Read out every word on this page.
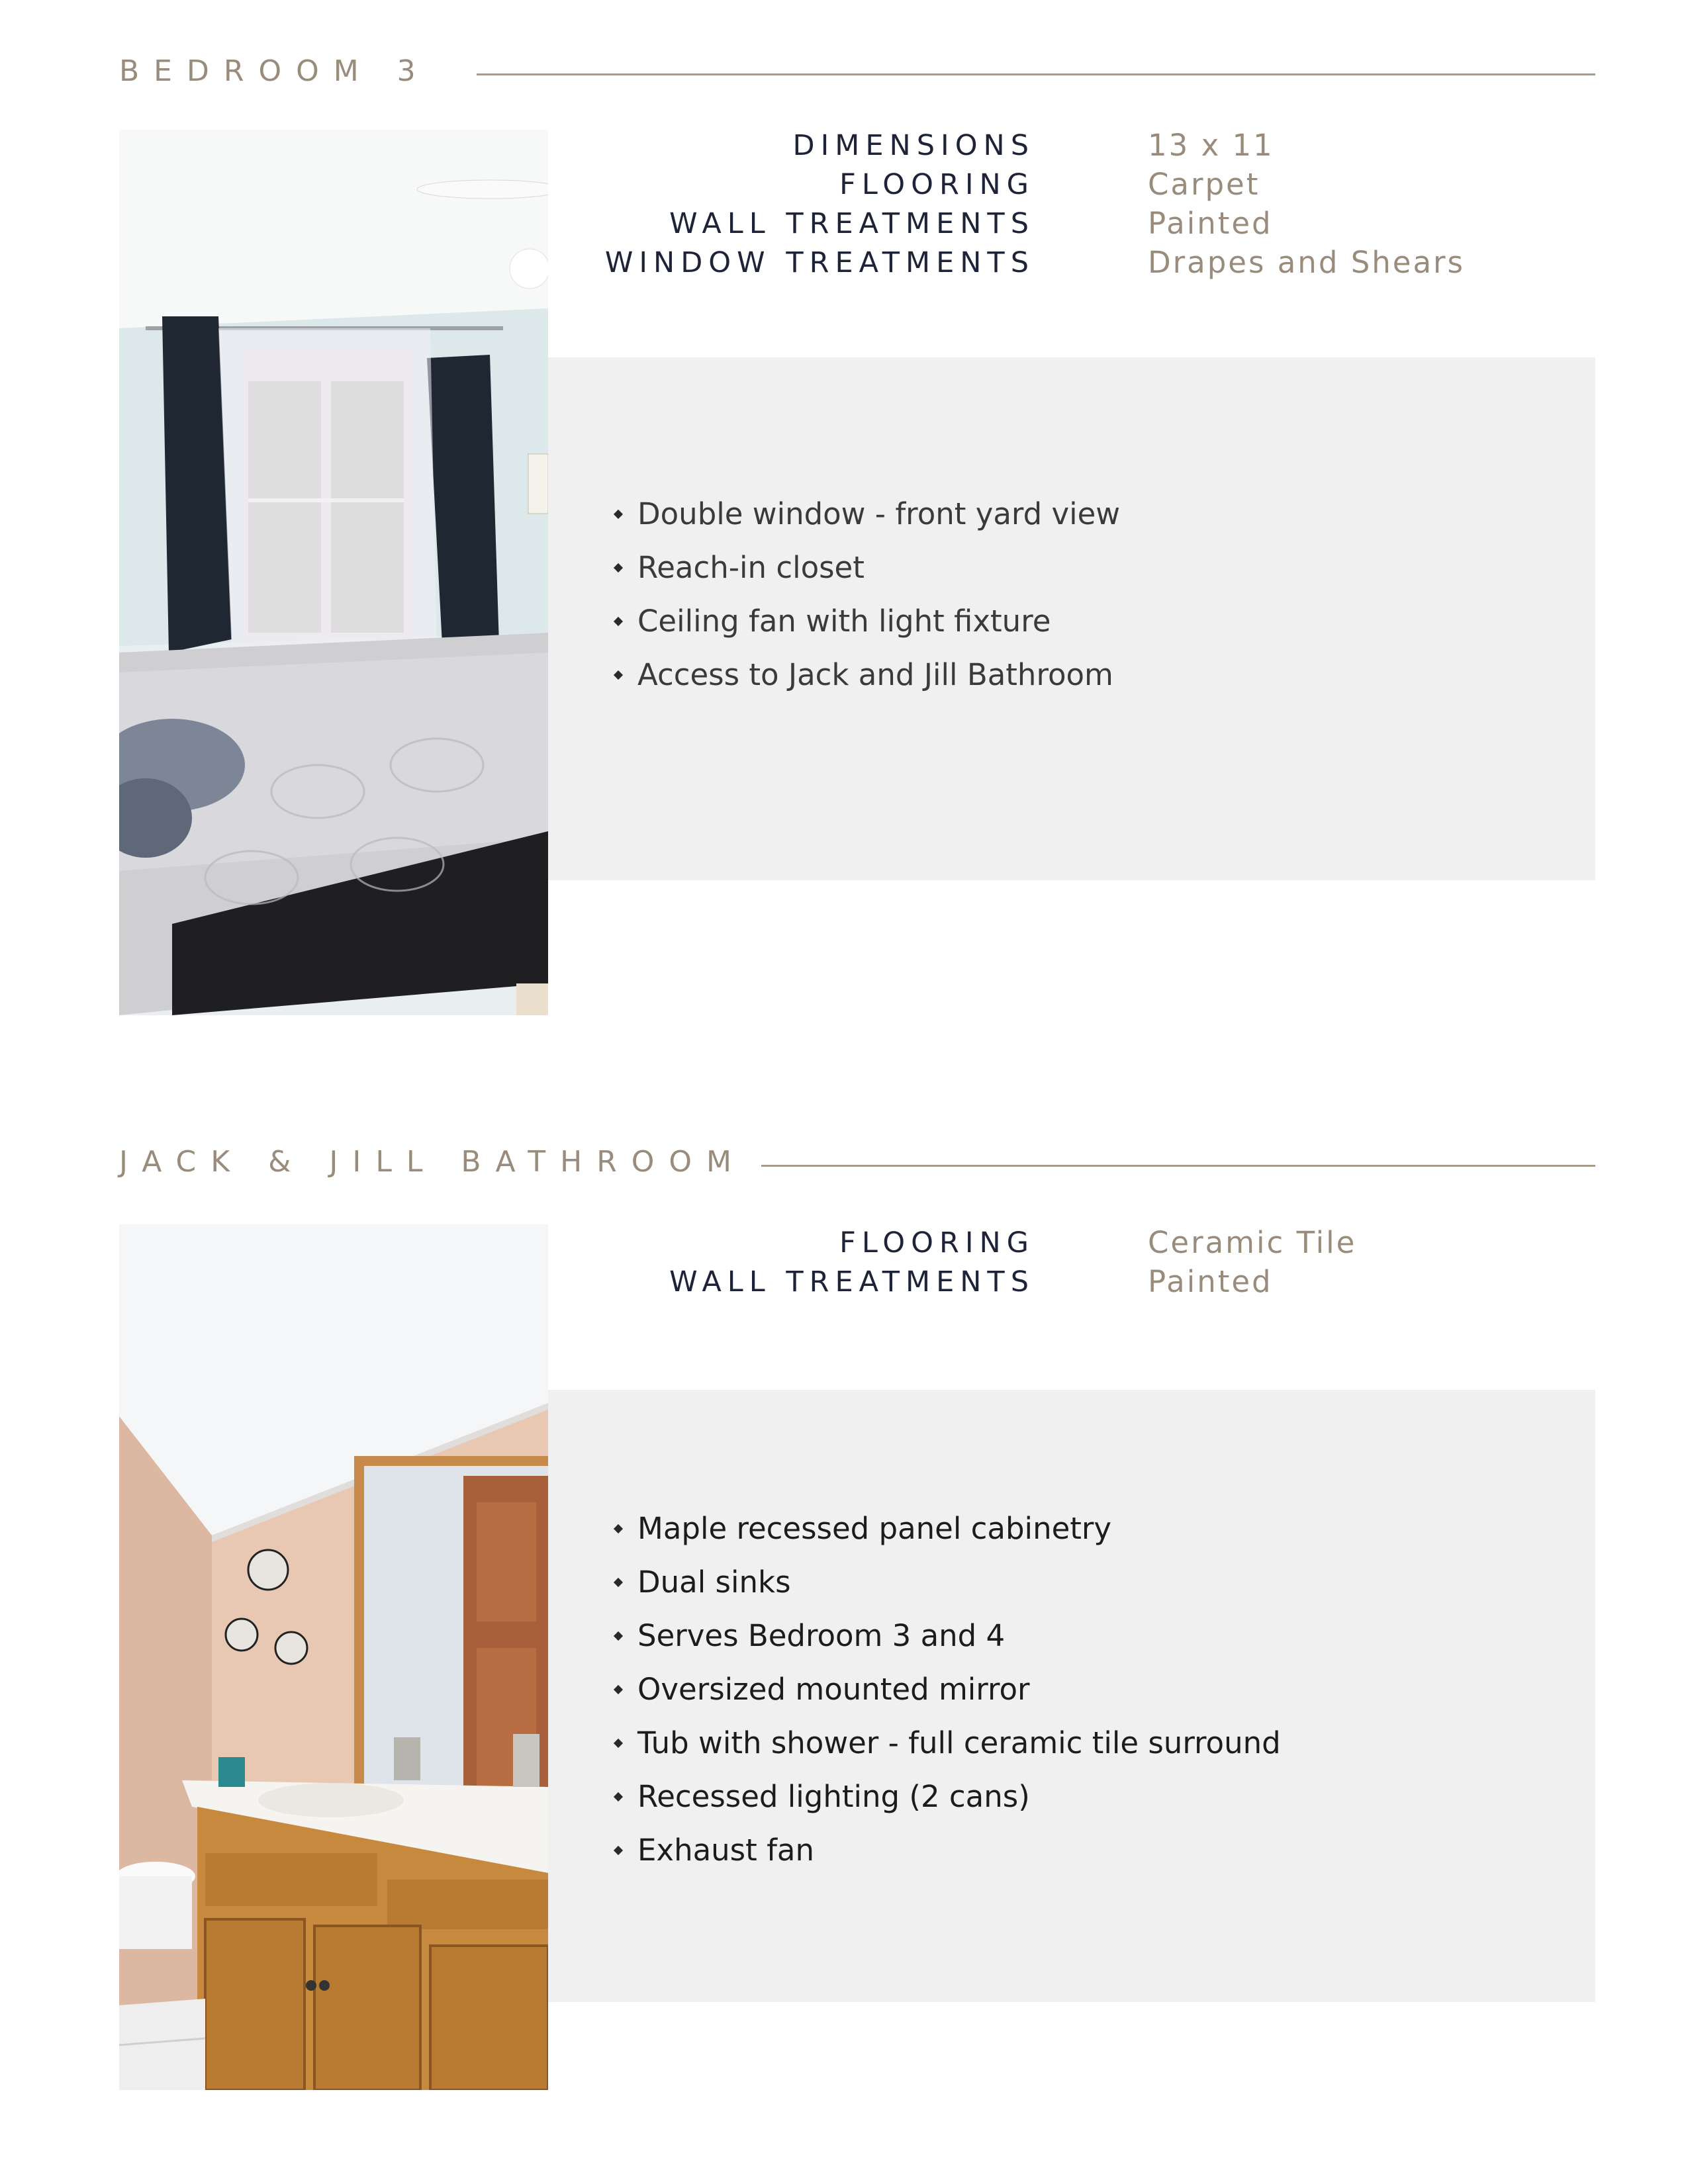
BEDROOM 3
DIMENSIONS	13 x 11
FLOORING	Carpet
WALL TREATMENTS	Painted
WINDOW TREATMENTS	Drapes and Shears
Double window - front yard view
Reach-in closet
Ceiling fan with light fixture
Access to Jack and Jill Bathroom
JACK & JILL BATHROOM
FLOORING	Ceramic Tile
WALL TREATMENTS	Painted
Maple recessed panel cabinetry
Dual sinks
Serves Bedroom 3 and 4
Oversized mounted mirror
Tub with shower - full ceramic tile surround
Recessed lighting (2 cans)
Exhaust fan
